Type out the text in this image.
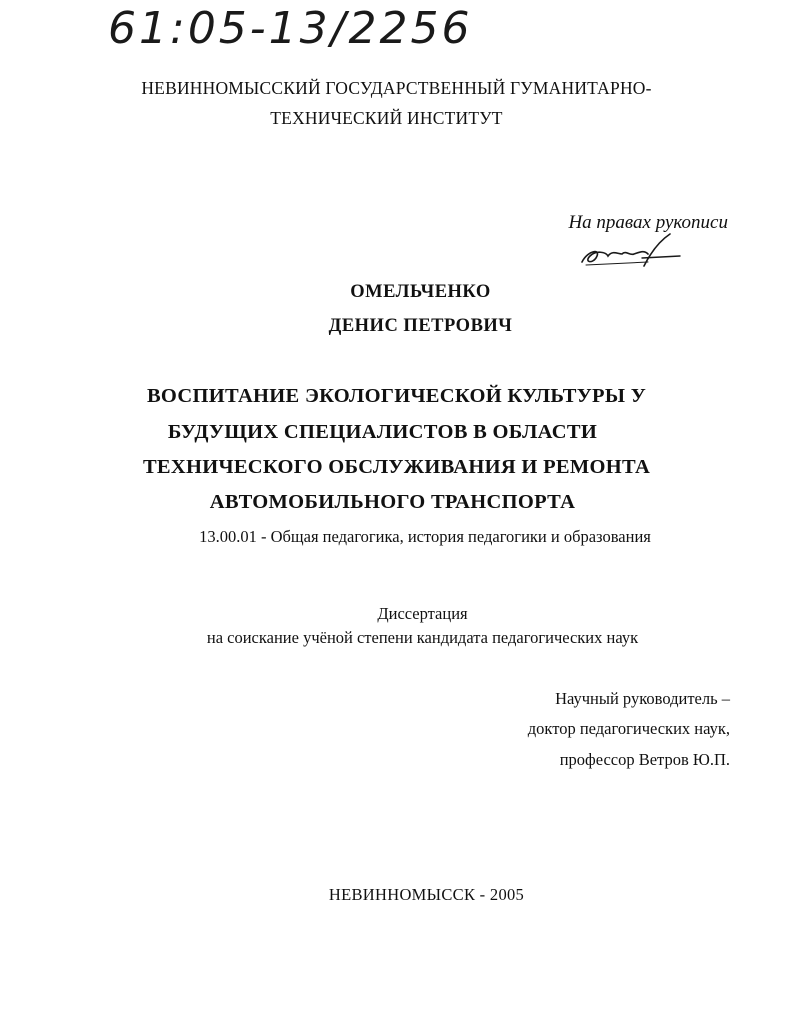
61:05-13/2256
НЕВИННОМЫССКИЙ ГОСУДАРСТВЕННЫЙ ГУМАНИТАРНО-
ТЕХНИЧЕСКИЙ ИНСТИТУТ
На правах рукописи
ОМЕЛЬЧЕНКО
ДЕНИС ПЕТРОВИЧ
ВОСПИТАНИЕ ЭКОЛОГИЧЕСКОЙ КУЛЬТУРЫ У
БУДУЩИХ СПЕЦИАЛИСТОВ В ОБЛАСТИ
ТЕХНИЧЕСКОГО ОБСЛУЖИВАНИЯ И РЕМОНТА
АВТОМОБИЛЬНОГО ТРАНСПОРТА
13.00.01 - Общая педагогика, история педагогики и образования
Диссертация
на соискание учёной степени кандидата педагогических наук
Научный руководитель –
доктор педагогических наук,
профессор Ветров Ю.П.
НЕВИННОМЫССК - 2005
